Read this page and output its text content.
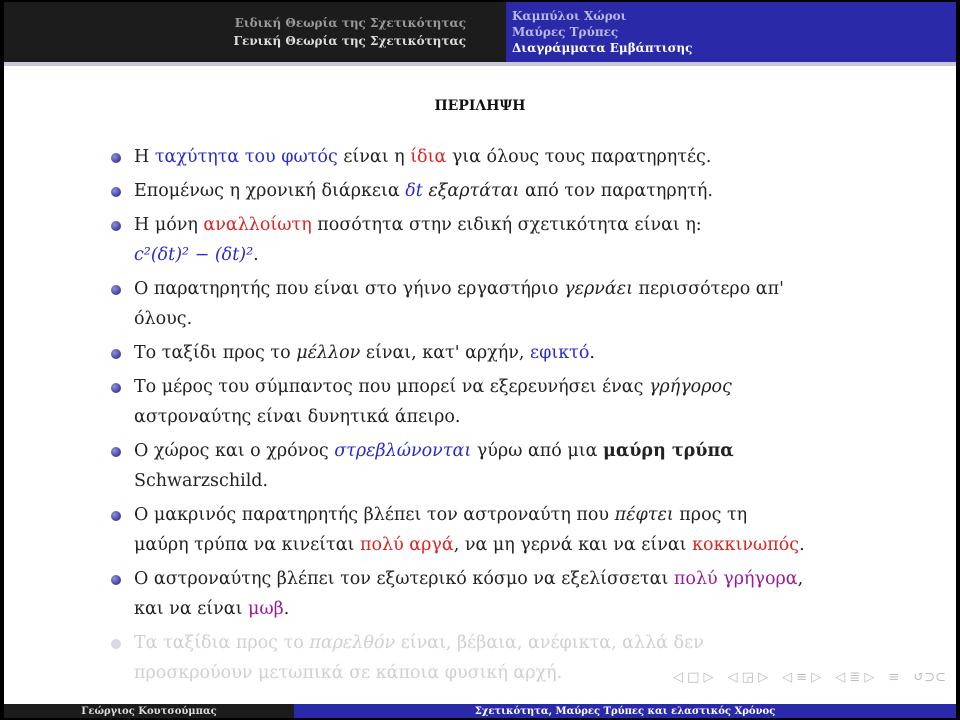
Ειδική Θεωρία της Σχετικότητας
Γενική Θεωρία της Σχετικότητας
Καμπύλοι Χώροι
Μαύρες Τρύπες
Διαγράμματα Εμβάπτισης
ΠΕΡΙΛΗΨΗ
Η ταχύτητα του φωτός είναι η ίδια για όλους τους παρατηρητές.
Επομένως η χρονική διάρκεια δt εξαρτάται από τον παρατηρητή.
Η μόνη αναλλοίωτη ποσότητα στην ειδική σχετικότητα είναι η:
c²(δt)² − (δt)².
Ο παρατηρητής που είναι στο γήινο εργαστήριο γερνάει περισσότερο απ'
όλους.
Το ταξίδι προς το μέλλον είναι, κατ' αρχήν, εφικτό.
Το μέρος του σύμπαντος που μπορεί να εξερευνήσει ένας γρήγορος
αστροναύτης είναι δυνητικά άπειρο.
Ο χώρος και ο χρόνος στρεβλώνονται γύρω από μια μαύρη τρύπα
Schwarzschild.
Ο μακρινός παρατηρητής βλέπει τον αστροναύτη που πέφτει προς τη
μαύρη τρύπα να κινείται πολύ αργά, να μη γερνά και να είναι κοκκινωπός.
Ο αστροναύτης βλέπει τον εξωτερικό κόσμο να εξελίσσεται πολύ γρήγορα,
και να είναι μωβ.
Τα ταξίδια προς το παρελθόν είναι, βέβαια, ανέφικτα, αλλά δεν
προσκρούουν μετωπικά σε κάποια φυσική αρχή.	◁ □ ▷ ◁ ◲ ▷ ◁ ≡ ▷ ◁ ≣ ▷ ≡ ↺⊃⊂
Γεώργιος Κουτσούμπας	Σχετικότητα, Μαύρες Τρύπες και ελαστικός Χρόνος
